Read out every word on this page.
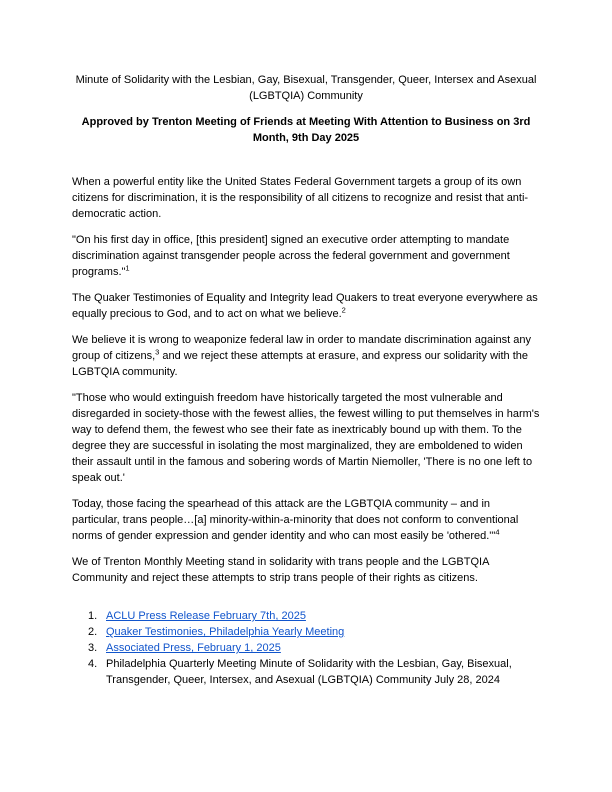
Minute of Solidarity with the Lesbian, Gay, Bisexual, Transgender, Queer, Intersex and Asexual (LGBTQIA) Community

Approved by Trenton Meeting of Friends at Meeting With Attention to Business on 3rd Month, 9th Day 2025

When a powerful entity like the United States Federal Government targets a group of its own citizens for discrimination, it is the responsibility of all citizens to recognize and resist that anti-democratic action.

"On his first day in office, [this president] signed an executive order attempting to mandate discrimination against transgender people across the federal government and government programs."$^1$

The Quaker Testimonies of Equality and Integrity lead Quakers to treat everyone everywhere as equally precious to God, and to act on what we believe.$^2$

We believe it is wrong to weaponize federal law in order to mandate discrimination against any group of citizens,$^3$ and we reject these attempts at erasure, and express our solidarity with the LGBTQIA community.

"Those who would extinguish freedom have historically targeted the most vulnerable and disregarded in society-those with the fewest allies, the fewest willing to put themselves in harm's way to defend them, the fewest who see their fate as inextricably bound up with them. To the degree they are successful in isolating the most marginalized, they are emboldened to widen their assault until in the famous and sobering words of Martin Niemoller, 'There is no one left to speak out.'

Today, those facing the spearhead of this attack are the LGBTQIA community – and in particular, trans people…[a] minority-within-a-minority that does not conform to conventional norms of gender expression and gender identity and who can most easily be 'othered.'"$^4$

We of Trenton Monthly Meeting stand in solidarity with trans people and the LGBTQIA Community and reject these attempts to strip trans people of their rights as citizens.

1. ACLU Press Release February 7th, 2025
2. Quaker Testimonies, Philadelphia Yearly Meeting
3. Associated Press, February 1, 2025
4. Philadelphia Quarterly Meeting Minute of Solidarity with the Lesbian, Gay, Bisexual, Transgender, Queer, Intersex, and Asexual (LGBTQIA) Community July 28, 2024
